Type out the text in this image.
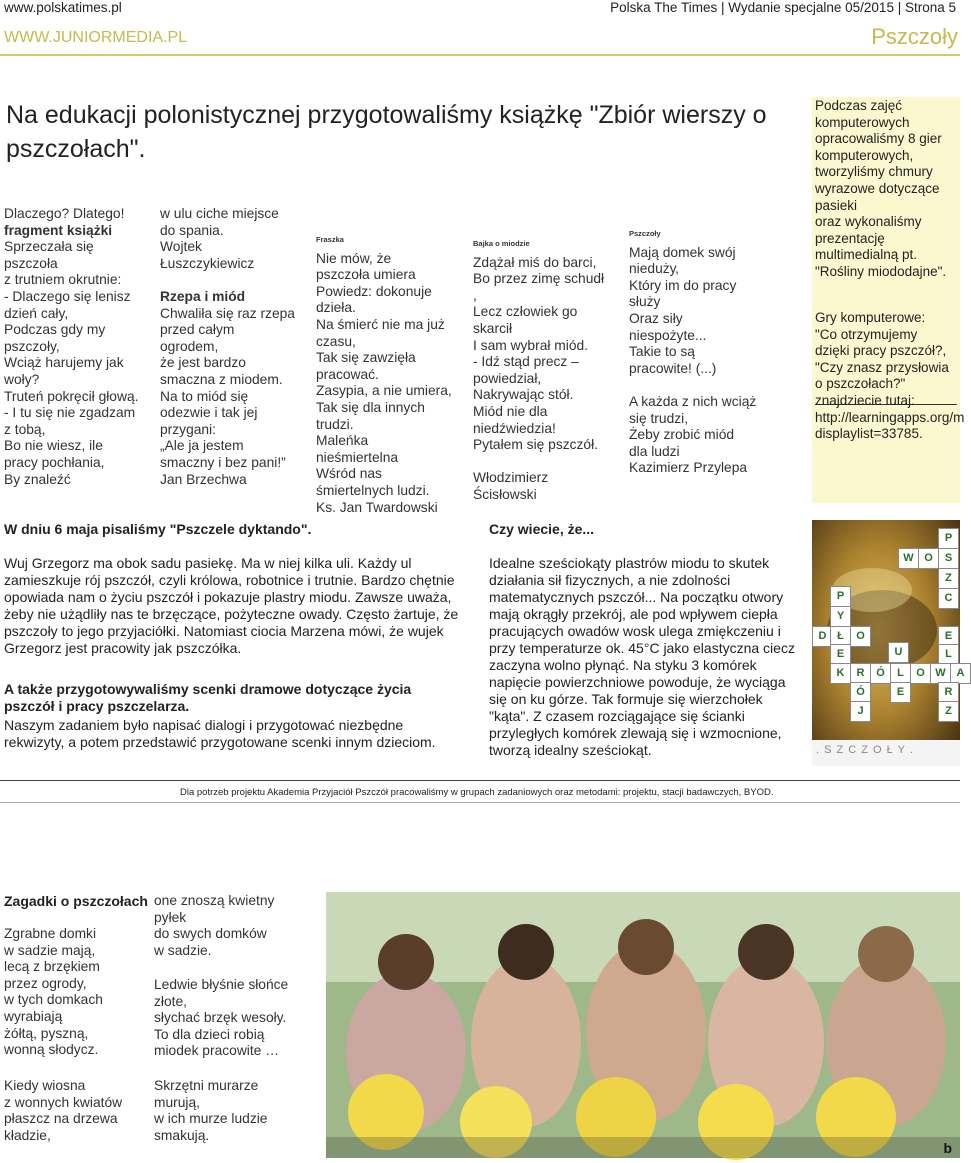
www.polskatimes.pl	Polska The Times | Wydanie specjalne 05/2015 | Strona 5
WWW.JUNIORMEDIA.PL	Pszczoły
Na edukacji polonistycznej przygotowaliśmy książkę "Zbiór wierszy o pszczołach".
Dlaczego? Dlatego!
fragment książki
Sprzeczała się
pszczoła
z trutniem okrutnie:
- Dlaczego się lenisz
dzień cały,
Podczas gdy my
pszczoły,
Wciąż harujemy jak
woły?
Truteń pokręcił głową.
- I tu się nie zgadzam
z tobą,
Bo nie wiesz, ile
pracy pochłania,
By znaleźć
w ulu ciche miejsce
do spania.
Wojtek
Łuszczykiewicz

Rzepa i miód
Chwaliła się raz rzepa
przed całym
ogrodem,
że jest bardzo
smaczna z miodem.
Na to miód się
odezwie i tak jej
przygani:
„Ale ja jestem
smaczny i bez pani!”
Jan Brzechwa
Fraszka
Nie mów, że
pszczoła umiera
Powiedz: dokonuje
dzieła.
Na śmierć nie ma już
czasu,
Tak się zawzięła
pracować.
Zasypia, a nie umiera,
Tak się dla innych
trudzi.
Maleńka
nieśmiertelna
Wśród nas
śmiertelnych ludzi.
Ks. Jan Twardowski
Bajka o miodzie
Zdążał miś do barci,
Bo przez zimę schudł
,
Lecz człowiek go
skarcił
I sam wybrał miód.
- Idź stąd precz –
powiedział,
Nakrywając stół.
Miód nie dla
niedźwiedzia!
Pytałem się pszczół.

Włodzimierz
Ścisłowski
Pszczoły
Mają domek swój
niedużу,
Który im do pracy
służy
Oraz siły
niespożyte...
Takie to są
pracowite! (...)

A każda z nich wciąż
się trudzi,
Żeby zrobić miód
dla ludzi
Kazimierz Przylepa
Podczas zajęć
komputerowych
opracowaliśmy 8 gier
komputerowych,
tworzyliśmy chmury
wyrazowe dotyczące
pasieki
oraz wykonaliśmy
prezentację
multimedialną pt.
"Rośliny miododajne".
Gry komputerowe:
"Co otrzymujemy
dzięki pracy pszczół?,
"Czy znasz przysłowia
o pszczołach?"
znajdziecie tutaj:
http://learningapps.org/m
displaylist=33785.
W dniu 6 maja pisaliśmy "Pszczele dyktando".
Wuj Grzegorz ma obok sadu pasiekę. Ma w niej kilka uli. Każdy ul zamieszkuje rój pszczół, czyli królowa, robotnice i trutnie. Bardzo chętnie opowiada nam o życiu pszczół i pokazuje plastry miodu. Zawsze uważa, żeby nie użądliły nas te brzęczące, pożyteczne owady. Często żartuje, że pszczoły to jego przyjaciółki. Natomiast ciocia Marzena mówi, że wujek Grzegorz jest pracowity jak pszczółka.
A także przygotowywaliśmy scenki dramowe dotyczące życia pszczół i pracy pszczelarza.
Naszym zadaniem było napisać dialogi i przygotować niezbędne rekwizyty, a potem przedstawić przygotowane scenki innym dzieciom.
Czy wiecie, że...
Idealne sześciokąty plastrów miodu to skutek działania sił fizycznych, a nie zdolności matematycznych pszczół... Na początku otwory mają okrągły przekrój, ale pod wpływem ciepła pracujących owadów wosk ulega zmiękczeniu i przy temperaturze ok. 45°C jako elastyczna ciecz zaczyna wolno płynąć. Na styku 3 komórek napięcie powierzchniowe powoduje, że wyciąga się on ku górze. Tak formuje się wierzchołek "kąta". Z czasem rozciągające się ścianki przyległych komórek zlewają się i wzmocnione, tworzą idealny sześciokąt.
P
W O	S
Z
C
P
Y
D Ł	O	E
E	U	L
K	R	Ó	L	O W A
Ó	E	R
J	Z
. S Z C Z O Ł Y .
Dla potrzeb projektu Akademia Przyjaciół Pszczół pracowaliśmy w grupach zadaniowych oraz metodami: projektu, stacji badawczych, BYOD.
Zagadki o pszczołach
Zgrabne domki
w sadzie mają,
lecą z brzękiem
przez ogrody,
w tych domkach
wyrabiają
żółtą, pyszną,
wonną słodycz.
Kiedy wiosna
z wonnych kwiatów
płaszcz na drzewa
kładzie,
one znoszą kwietny
pyłek
do swych domków
w sadzie.
Ledwie błyśnie słońce
złote,
słychać brzęk wesoły.
To dla dzieci robią
miodek pracowite …
Skrzętni murarze
murują,
w ich murze ludzie
smakują.
b
